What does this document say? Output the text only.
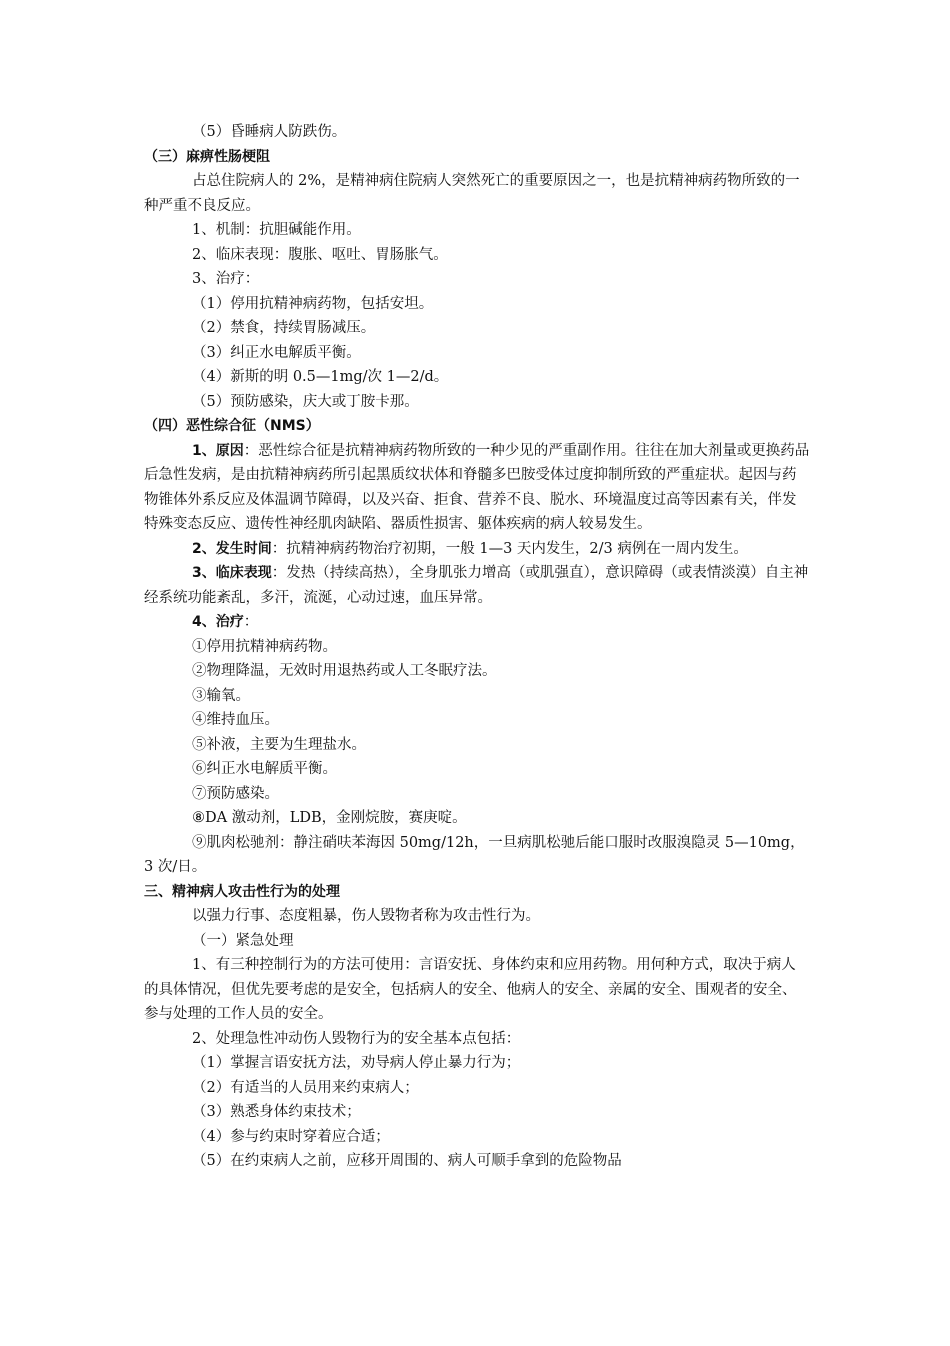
（5）昏睡病人防跌伤。

（三）麻痹性肠梗阻

占总住院病人的 2%，是精神病住院病人突然死亡的重要原因之一，也是抗精神病药物所致的一种严重不良反应。

1、机制：抗胆碱能作用。

2、临床表现：腹胀、呕吐、胃肠胀气。

3、治疗：

（1）停用抗精神病药物，包括安坦。

（2）禁食，持续胃肠减压。

（3）纠正水电解质平衡。

（4）新斯的明 0.5—1mg/次 1—2/d。

（5）预防感染，庆大或丁胺卡那。

（四）恶性综合征（NMS）

1、原因：恶性综合征是抗精神病药物所致的一种少见的严重副作用。往往在加大剂量或更换药品后急性发病，是由抗精神病药所引起黑质纹状体和脊髓多巴胺受体过度抑制所致的严重症状。起因与药物锥体外系反应及体温调节障碍，以及兴奋、拒食、营养不良、脱水、环境温度过高等因素有关，伴发特殊变态反应、遗传性神经肌肉缺陷、器质性损害、躯体疾病的病人较易发生。

2、发生时间：抗精神病药物治疗初期，一般 1—3 天内发生，2/3 病例在一周内发生。

3、临床表现：发热（持续高热），全身肌张力增高（或肌强直），意识障碍（或表情淡漠）自主神经系统功能紊乱，多汗，流涎，心动过速，血压异常。

4、治疗：

①停用抗精神病药物。

②物理降温，无效时用退热药或人工冬眠疗法。

③输氧。

④维持血压。

⑤补液，主要为生理盐水。

⑥纠正水电解质平衡。

⑦预防感染。

⑧DA 激动剂，LDB，金刚烷胺，赛庚啶。

⑨肌肉松驰剂：静注硝呋苯海因 50mg/12h，一旦病肌松驰后能口服时改服溴隐灵 5—10mg，3 次/日。

三、精神病人攻击性行为的处理

以强力行事、态度粗暴，伤人毁物者称为攻击性行为。

（一）紧急处理

1、有三种控制行为的方法可使用：言语安抚、身体约束和应用药物。用何种方式，取决于病人的具体情况，但优先要考虑的是安全，包括病人的安全、他病人的安全、亲属的安全、围观者的安全、参与处理的工作人员的安全。

2、处理急性冲动伤人毁物行为的安全基本点包括：

（1）掌握言语安抚方法，劝导病人停止暴力行为；

（2）有适当的人员用来约束病人；

（3）熟悉身体约束技术；

（4）参与约束时穿着应合适；

（5）在约束病人之前，应移开周围的、病人可顺手拿到的危险物品
